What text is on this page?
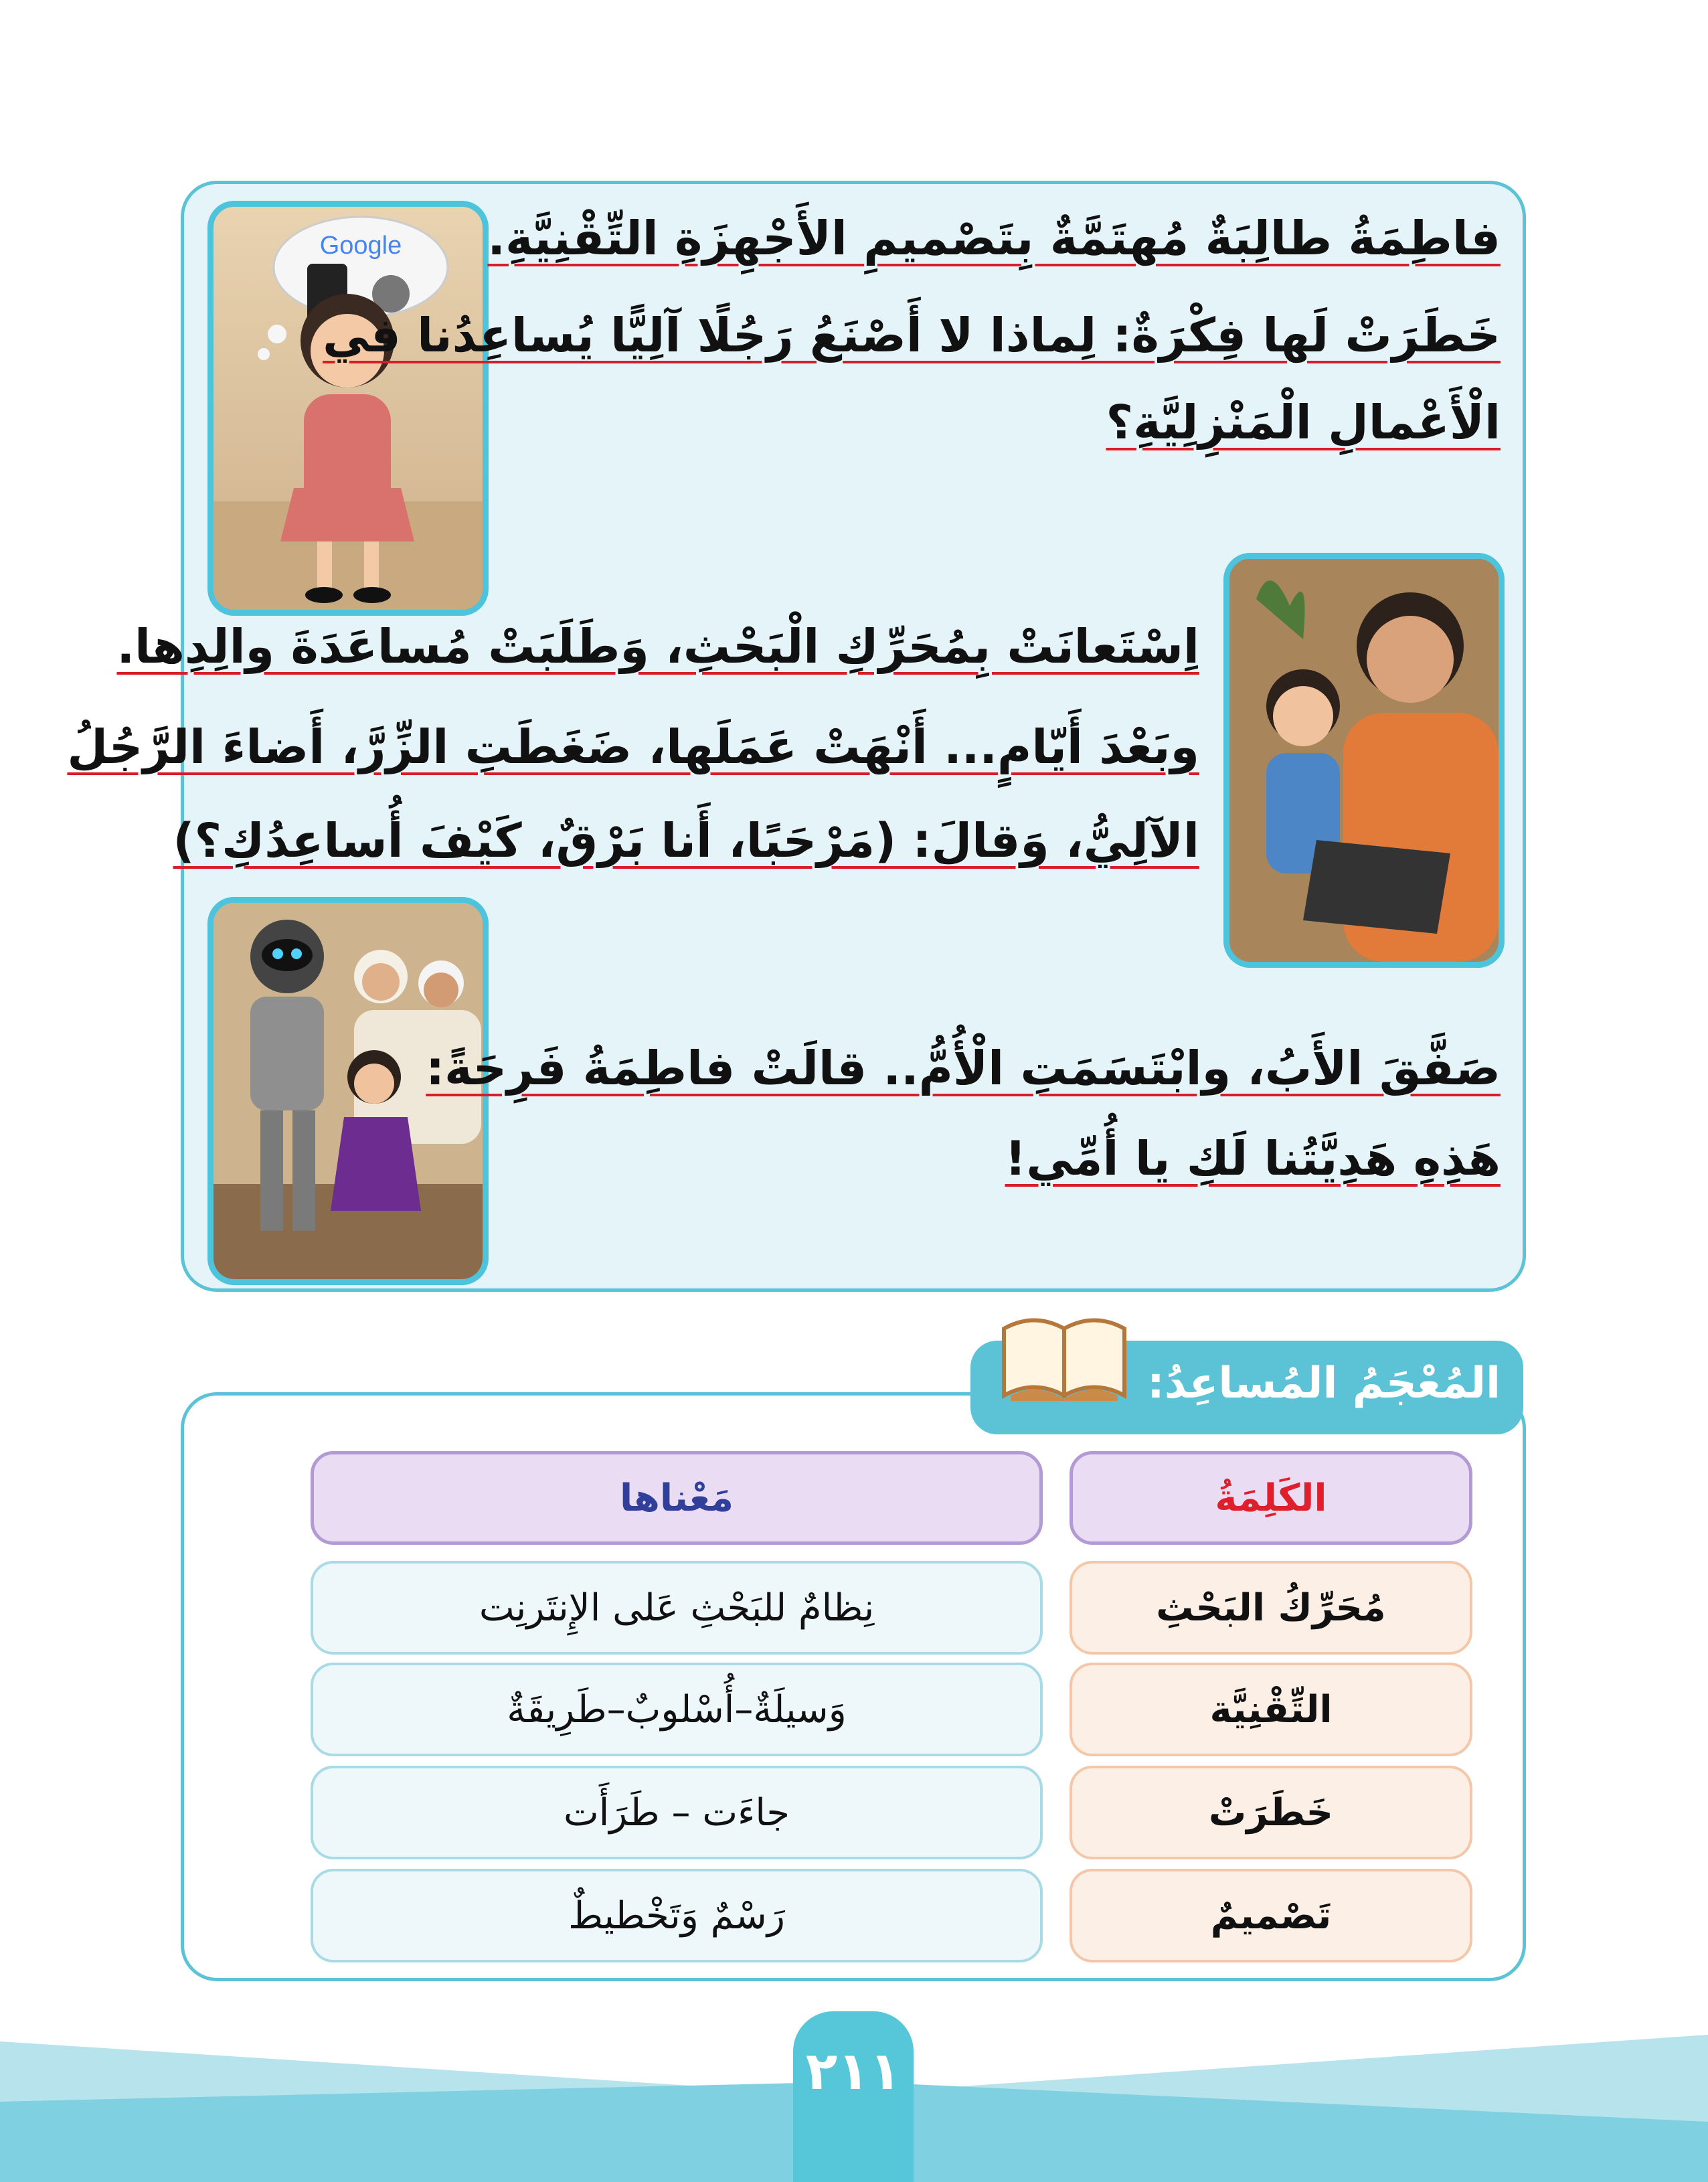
Google فاطِمَةُ طالِبَةٌ مُهتَمَّةٌ بِتَصْميمِ الأَجْهِزَةِ التِّقْنِيَّةِ.
خَطَرَتْ لَها فِكْرَةٌ: لِماذا لا أَصْنَعُ رَجُلًا آلِيًّا يُساعِدُنا في
الْأَعْمالِ الْمَنْزِلِيَّةِ؟
اِسْتَعانَتْ بِمُحَرِّكِ الْبَحْثِ، وَطَلَبَتْ مُساعَدَةَ والِدِها.
وبَعْدَ أَيّامٍ... أَنْهَتْ عَمَلَها، ضَغَطَتِ الزِّرَّ، أَضاءَ الرَّجُلُ
الآلِيُّ، وَقالَ: (مَرْحَبًا، أَنا بَرْقٌ، كَيْفَ أُساعِدُكِ؟)
صَفَّقَ الأَبُ، وابْتَسَمَتِ الْأُمُّ.. قالَتْ فاطِمَةُ فَرِحَةً:
هَذِهِ هَدِيَّتُنا لَكِ يا أُمِّي!
المُعْجَمُ المُساعِدُ:
الكَلِمَةُ
مَعْناها
مُحَرِّكُ البَحْثِ
نِظامٌ للبَحْثِ عَلى الإِنتَرنِت
التِّقْنِيَّة
وَسيلَةٌ–أُسْلوبٌ–طَرِيقَةٌ
خَطَرَتْ
جاءَت – طَرَأَت
تَصْميمٌ
رَسْمٌ وَتَخْطيطٌ
٢١١
